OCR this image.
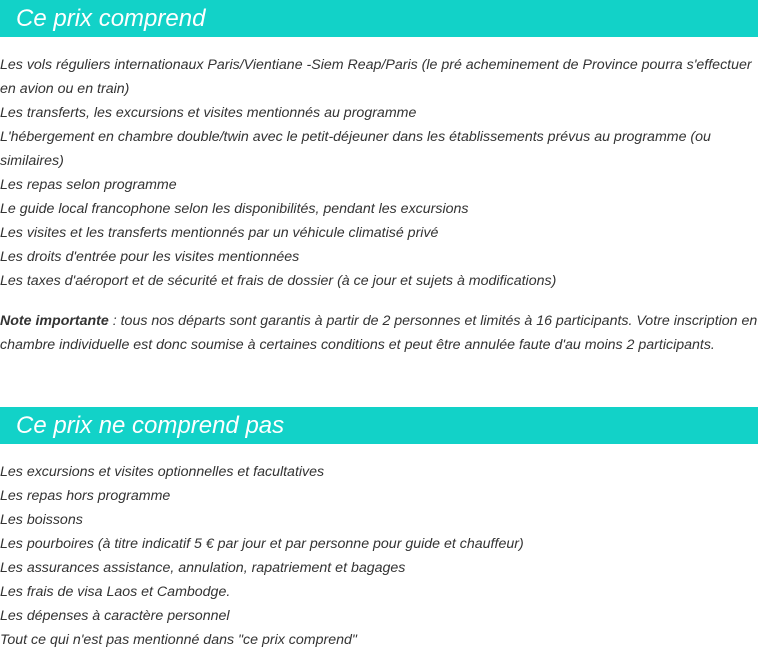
Ce prix comprend
Les vols réguliers internationaux Paris/Vientiane -Siem Reap/Paris (le pré acheminement de Province pourra s'effectuer en avion ou en train)
Les transferts, les excursions et visites mentionnés au programme
L'hébergement en chambre double/twin avec le petit-déjeuner dans les établissements prévus au programme (ou similaires)
Les repas selon programme
Le guide local francophone selon les disponibilités, pendant les excursions
Les visites et les transferts mentionnés par un véhicule climatisé privé
Les droits d'entrée pour les visites mentionnées
Les taxes d'aéroport et de sécurité et frais de dossier (à ce jour et sujets à modifications)
Note importante : tous nos départs sont garantis à partir de 2 personnes et limités à 16 participants. Votre inscription en chambre individuelle est donc soumise à certaines conditions et peut être annulée faute d'au moins 2 participants.
Ce prix ne comprend pas
Les excursions et visites optionnelles et facultatives
Les repas hors programme
Les boissons
Les pourboires (à titre indicatif 5 € par jour et par personne pour guide et chauffeur)
Les assurances assistance, annulation, rapatriement et bagages
Les frais de visa Laos et Cambodge.
Les dépenses à caractère personnel
Tout ce qui n'est pas mentionné dans "ce prix comprend"
